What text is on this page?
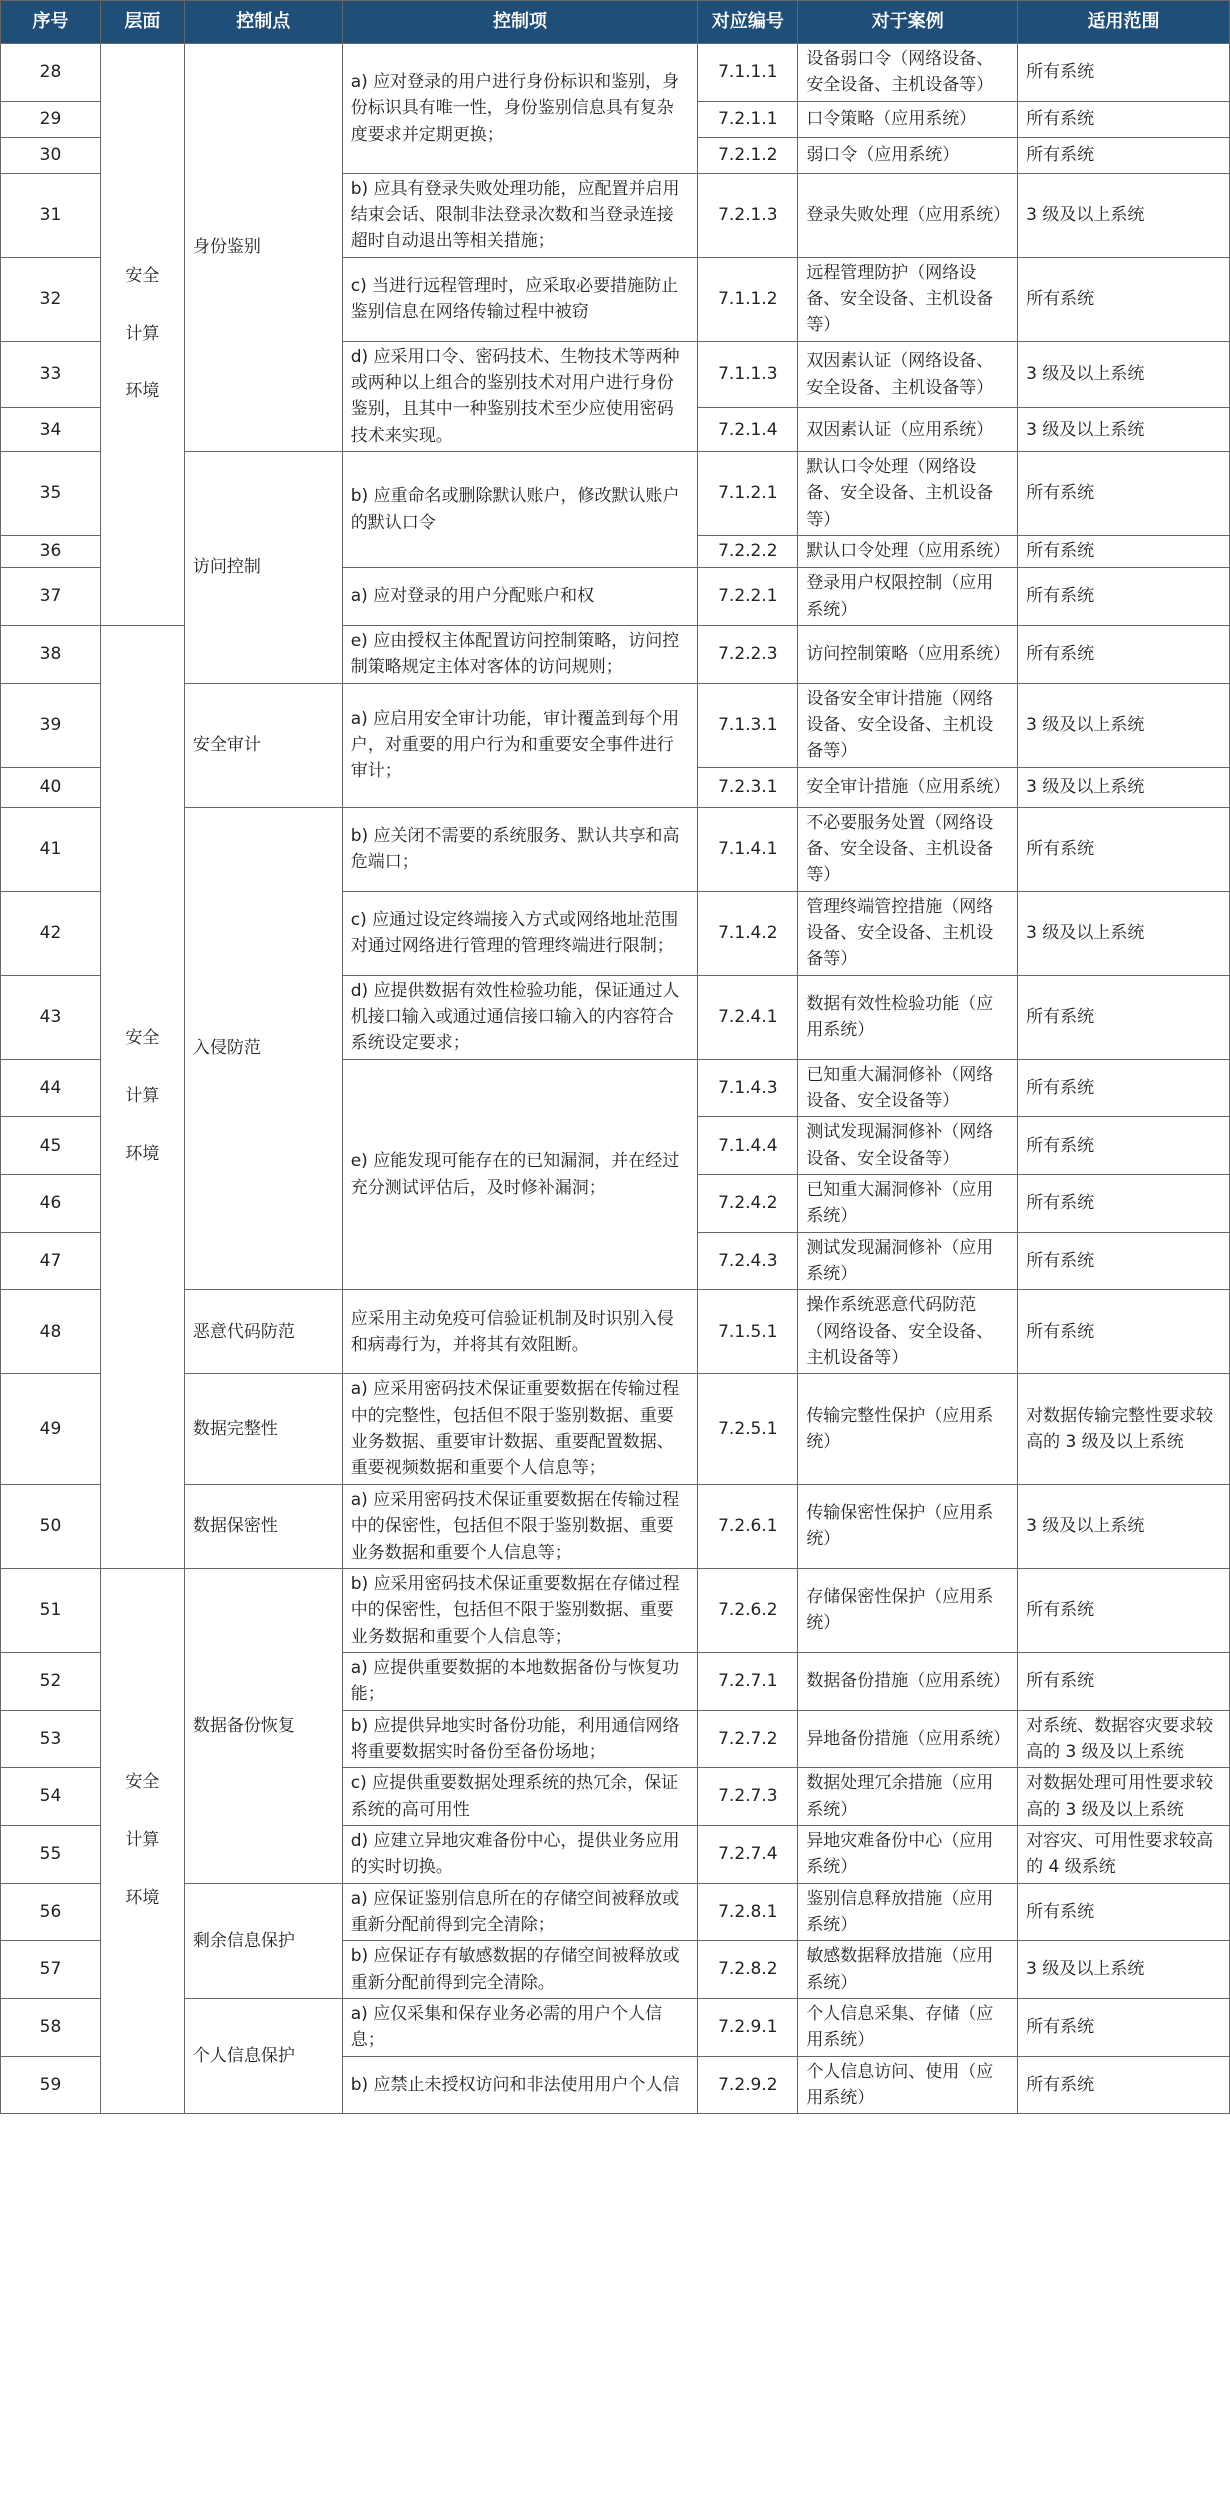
序号	层面	控制点	控制项	对应编号	对于案例	适用范围
28	安全
计算
环境	身份鉴别	a) 应对登录的用户进行身份标识和鉴别，身份标识具有唯一性，身份鉴别信息具有复杂度要求并定期更换；	7.1.1.1	设备弱口令（网络设备、安全设备、主机设备等）	所有系统
29				7.2.1.1	口令策略（应用系统）	所有系统
30				7.2.1.2	弱口令（应用系统）	所有系统
31			b) 应具有登录失败处理功能，应配置并启用结束会话、限制非法登录次数和当登录连接超时自动退出等相关措施；	7.2.1.3	登录失败处理（应用系统）	3 级及以上系统
32			c) 当进行远程管理时，应采取必要措施防止鉴别信息在网络传输过程中被窃	7.1.1.2	远程管理防护（网络设备、安全设备、主机设备等）	所有系统
33			d) 应采用口令、密码技术、生物技术等两种或两种以上组合的鉴别技术对用户进行身份鉴别，且其中一种鉴别技术至少应使用密码技术来实现。	7.1.1.3	双因素认证（网络设备、安全设备、主机设备等）	3 级及以上系统
34				7.2.1.4	双因素认证（应用系统）	3 级及以上系统
35		访问控制	b) 应重命名或删除默认账户，修改默认账户的默认口令	7.1.2.1	默认口令处理（网络设备、安全设备、主机设备等）	所有系统
36				7.2.2.2	默认口令处理（应用系统）	所有系统
37			a) 应对登录的用户分配账户和权	7.2.2.1	登录用户权限控制（应用系统）	所有系统
38	安全
计算
环境		e) 应由授权主体配置访问控制策略，访问控制策略规定主体对客体的访问规则；	7.2.2.3	访问控制策略（应用系统）	所有系统
39		安全审计	a) 应启用安全审计功能，审计覆盖到每个用户，对重要的用户行为和重要安全事件进行审计；	7.1.3.1	设备安全审计措施（网络设备、安全设备、主机设备等）	3 级及以上系统
40				7.2.3.1	安全审计措施（应用系统）	3 级及以上系统
41		入侵防范	b) 应关闭不需要的系统服务、默认共享和高危端口；	7.1.4.1	不必要服务处置（网络设备、安全设备、主机设备等）	所有系统
42			c) 应通过设定终端接入方式或网络地址范围对通过网络进行管理的管理终端进行限制；	7.1.4.2	管理终端管控措施（网络设备、安全设备、主机设备等）	3 级及以上系统
43			d) 应提供数据有效性检验功能，保证通过人机接口输入或通过通信接口输入的内容符合系统设定要求；	7.2.4.1	数据有效性检验功能（应用系统）	所有系统
44			e) 应能发现可能存在的已知漏洞，并在经过充分测试评估后，及时修补漏洞；	7.1.4.3	已知重大漏洞修补（网络设备、安全设备等）	所有系统
45				7.1.4.4	测试发现漏洞修补（网络设备、安全设备等）	所有系统
46				7.2.4.2	已知重大漏洞修补（应用系统）	所有系统
47				7.2.4.3	测试发现漏洞修补（应用系统）	所有系统
48		恶意代码防范	应采用主动免疫可信验证机制及时识别入侵和病毒行为，并将其有效阻断。	7.1.5.1	操作系统恶意代码防范（网络设备、安全设备、主机设备等）	所有系统
49		数据完整性	a) 应采用密码技术保证重要数据在传输过程中的完整性，包括但不限于鉴别数据、重要业务数据、重要审计数据、重要配置数据、重要视频数据和重要个人信息等；	7.2.5.1	传输完整性保护（应用系统）	对数据传输完整性要求较高的 3 级及以上系统
50		数据保密性	a) 应采用密码技术保证重要数据在传输过程中的保密性，包括但不限于鉴别数据、重要业务数据和重要个人信息等；	7.2.6.1	传输保密性保护（应用系统）	3 级及以上系统
51	安全
计算
环境	数据备份恢复	b) 应采用密码技术保证重要数据在存储过程中的保密性，包括但不限于鉴别数据、重要业务数据和重要个人信息等；	7.2.6.2	存储保密性保护（应用系统）	所有系统
52			a) 应提供重要数据的本地数据备份与恢复功能；	7.2.7.1	数据备份措施（应用系统）	所有系统
53			b) 应提供异地实时备份功能，利用通信网络将重要数据实时备份至备份场地；	7.2.7.2	异地备份措施（应用系统）	对系统、数据容灾要求较高的 3 级及以上系统
54			c) 应提供重要数据处理系统的热冗余，保证系统的高可用性	7.2.7.3	数据处理冗余措施（应用系统）	对数据处理可用性要求较高的 3 级及以上系统
55			d) 应建立异地灾难备份中心，提供业务应用的实时切换。	7.2.7.4	异地灾难备份中心（应用系统）	对容灾、可用性要求较高的 4 级系统
56		剩余信息保护	a) 应保证鉴别信息所在的存储空间被释放或重新分配前得到完全清除；	7.2.8.1	鉴别信息释放措施（应用系统）	所有系统
57			b) 应保证存有敏感数据的存储空间被释放或重新分配前得到完全清除。	7.2.8.2	敏感数据释放措施（应用系统）	3 级及以上系统
58		个人信息保护	a) 应仅采集和保存业务必需的用户个人信息；	7.2.9.1	个人信息采集、存储（应用系统）	所有系统
59			b) 应禁止未授权访问和非法使用用户个人信	7.2.9.2	个人信息访问、使用（应用系统）	所有系统
